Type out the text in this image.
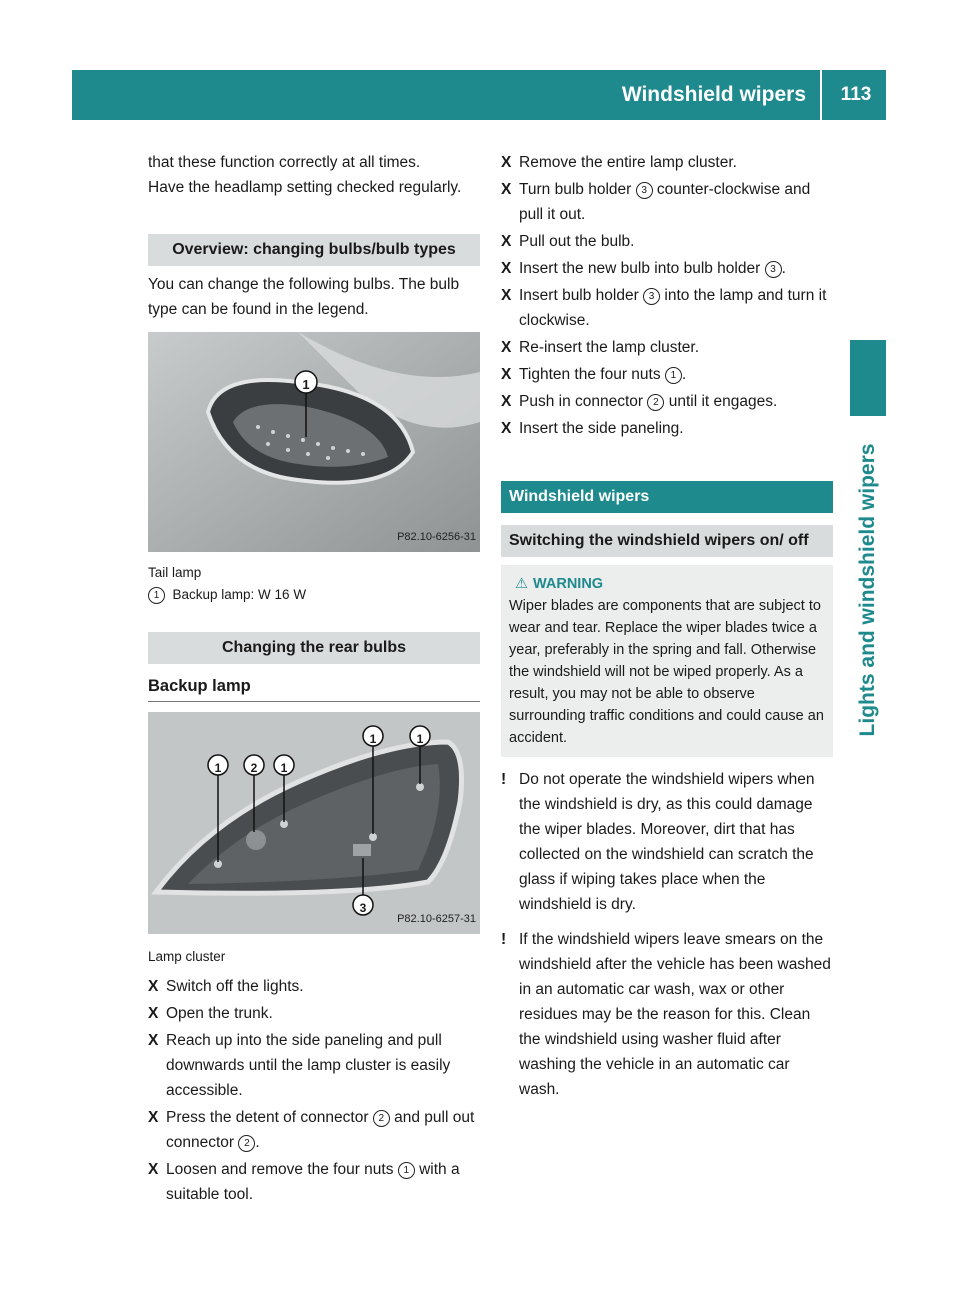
Windshield wipers	113
Lights and windshield wipers

that these function correctly at all times.

Have the headlamp setting checked regularly.

Overview: changing bulbs/bulb types

You can change the following bulbs. The bulb type can be found in the legend.

1
P82.10-6256-31

Tail lamp

1 Backup lamp: W 16 W

Changing the rear bulbs
Backup lamp
1	2	1
1	1
3
P82.10-6257-31

Lamp cluster

X Switch off the lights.
X Open the trunk.
X Reach up into the side paneling and pull downwards until the lamp cluster is easily accessible.
X Press the detent of connector 2 and pull out connector 2 .
X Loosen and remove the four nuts 1 with a suitable tool.
X Remove the entire lamp cluster.
X Turn bulb holder 3 counter-clockwise and pull it out.
X Pull out the bulb.
X Insert the new bulb into bulb holder 3 .
X Insert bulb holder 3 into the lamp and turn it clockwise.
X Re-insert the lamp cluster.
X Tighten the four nuts 1 .
X Push in connector 2 until it engages.
X Insert the side paneling.
Windshield wipers
Switching the windshield wipers on/ off
⚠ WARNING

Wiper blades are components that are subject to wear and tear. Replace the wiper blades twice a year, preferably in the spring and fall. Otherwise the windshield will not be wiped properly. As a result, you may not be able to observe surrounding traffic conditions and could cause an accident.

! Do not operate the windshield wipers when the windshield is dry, as this could damage the wiper blades. Moreover, dirt that has collected on the windshield can scratch the glass if wiping takes place when the windshield is dry.
! If the windshield wipers leave smears on the windshield after the vehicle has been washed in an automatic car wash, wax or other residues may be the reason for this. Clean the windshield using washer fluid after washing the vehicle in an automatic car wash.
